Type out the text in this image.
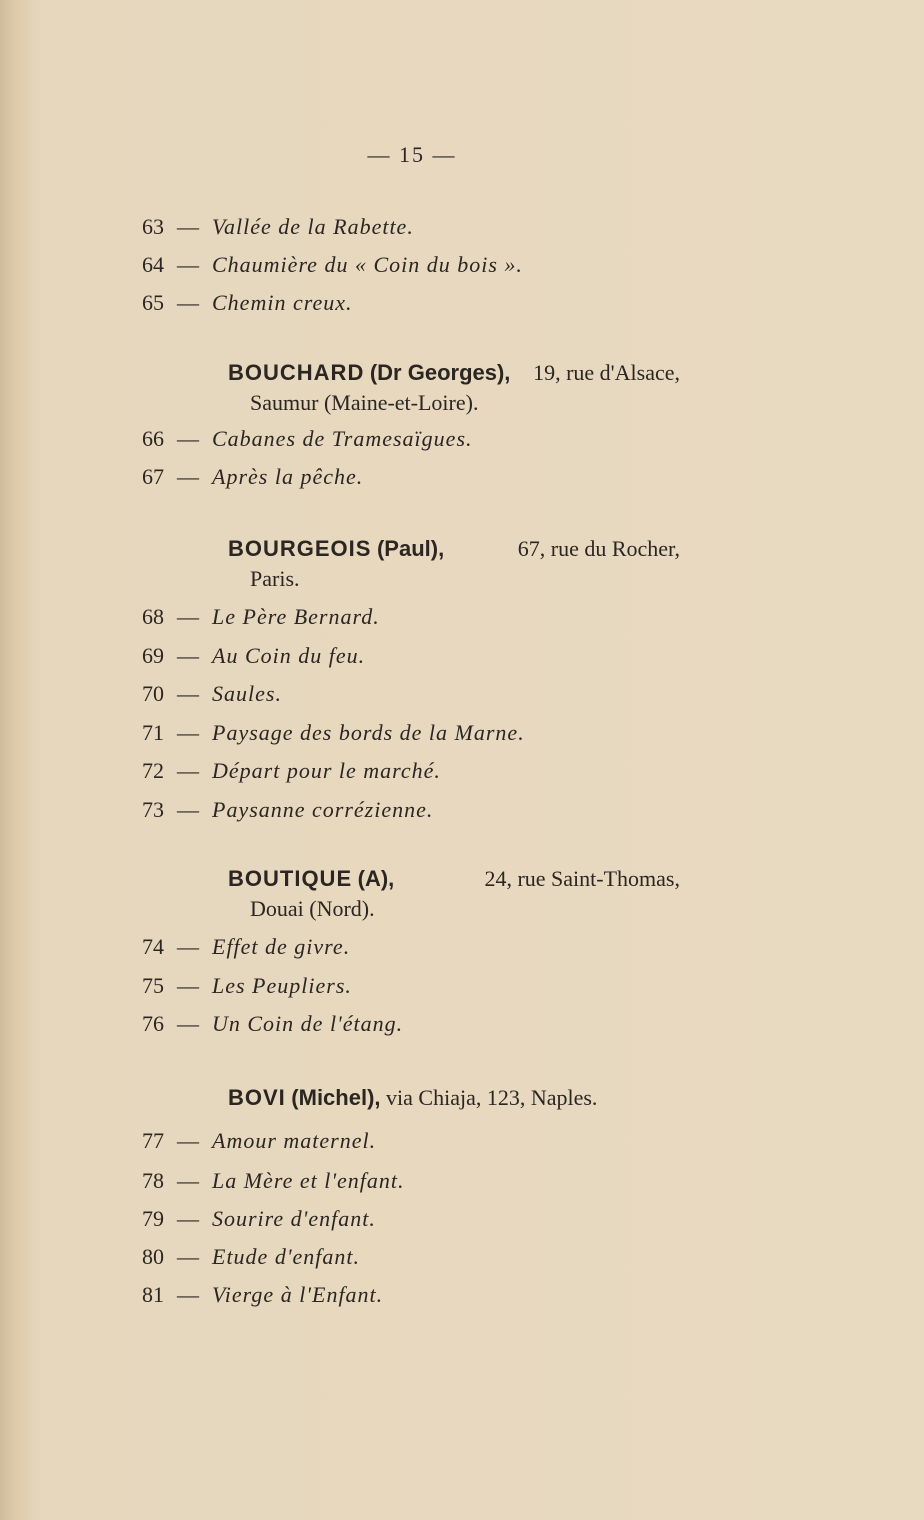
— 15 —
63 — Vallée de la Rabette.
64 — Chaumière du « Coin du bois ».
65 — Chemin creux.
BOUCHARD (Dr Georges), 19, rue d'Alsace,
Saumur (Maine-et-Loire).
66 — Cabanes de Tramesaïgues.
67 — Après la pêche.
BOURGEOIS (Paul),	67, rue du Rocher,
Paris.
68 — Le Père Bernard.
69 — Au Coin du feu.
70 — Saules.
71 — Paysage des bords de la Marne.
72 — Départ pour le marché.
73 — Paysanne corrézienne.
BOUTIQUE (A),	24, rue Saint-Thomas,
Douai (Nord).
74 — Effet de givre.
75 — Les Peupliers.
76 — Un Coin de l'étang.
BOVI (Michel), via Chiaja, 123, Naples.
77 — Amour maternel.
78 — La Mère et l'enfant.
79 — Sourire d'enfant.
80 — Etude d'enfant.
81 — Vierge à l'Enfant.
